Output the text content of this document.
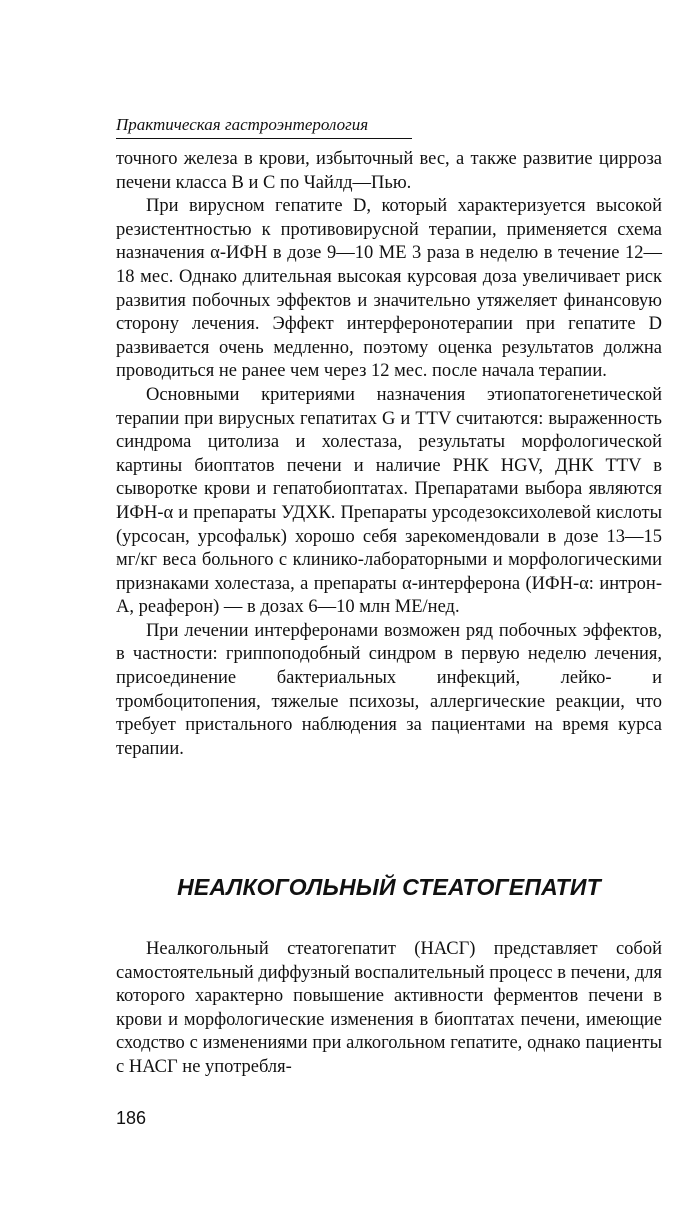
Практическая гастроэнтерология

точного железа в крови, избыточный вес, а также развитие цирроза печени класса В и С по Чайлд—Пью.

При вирусном гепатите D, который характеризуется высокой резистентностью к противовирусной терапии, применяется схема назначения α-ИФН в дозе 9—10 МЕ 3 раза в неделю в течение 12—18 мес. Однако длительная высокая курсовая доза увеличивает риск развития побочных эффектов и значительно утяжеляет финансовую сторону лечения. Эффект интерферонотерапии при гепатите D развивается очень медленно, поэтому оценка результатов должна проводиться не ранее чем через 12 мес. после начала терапии.

Основными критериями назначения этиопатогенетической терапии при вирусных гепатитах G и TTV считаются: выраженность синдрома цитолиза и холестаза, результаты морфологической картины биоптатов печени и наличие РНК HGV, ДНК TTV в сыворотке крови и гепатобиоптатах. Препаратами выбора являются ИФН-α и препараты УДХК. Препараты урсодезоксихолевой кислоты (урсосан, урсофальк) хорошо себя зарекомендовали в дозе 13—15 мг/кг веса больного с клинико-лабораторными и морфологическими признаками холестаза, а препараты α-интерферона (ИФН-α: интрон-А, реаферон) — в дозах 6—10 млн МЕ/нед.

При лечении интерферонами возможен ряд побочных эффектов, в частности: гриппоподобный синдром в первую неделю лечения, присоединение бактериальных инфекций, лейко- и тромбоцитопения, тяжелые психозы, аллергические реакции, что требует пристального наблюдения за пациентами на время курса терапии.

НЕАЛКОГОЛЬНЫЙ СТЕАТОГЕПАТИТ

Неалкогольный стеатогепатит (НАСГ) представляет собой самостоятельный диффузный воспалительный процесс в печени, для которого характерно повышение активности ферментов печени в крови и морфологические изменения в биоптатах печени, имеющие сходство с изменениями при алкогольном гепатите, однако пациенты с НАСГ не употребля-

186
